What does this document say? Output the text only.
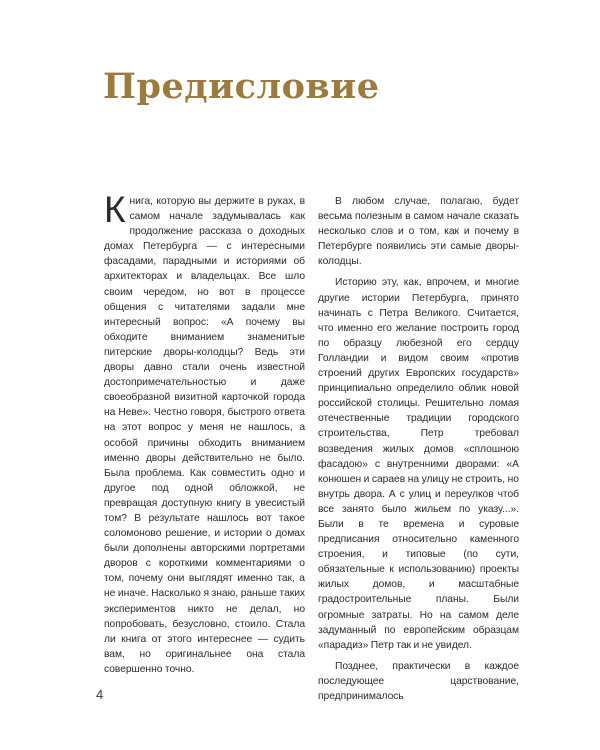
Предисловие

Книга, которую вы держите в руках, в самом начале задумывалась как продолжение рассказа о доходных домах Петербурга — с интересными фасадами, парадными и историями об архитекторах и владельцах. Все шло своим чередом, но вот в процессе общения с читателями задали мне интересный вопрос: «А почему вы обходите вниманием знаменитые питерские дворы-колодцы? Ведь эти дворы давно стали очень известной достопримечательностью и даже своеобразной визитной карточкой города на Неве». Честно говоря, быстрого ответа на этот вопрос у меня не нашлось, а особой причины обходить вниманием именно дворы действительно не было. Была проблема. Как совместить одно и другое под одной обложкой, не превращая доступную книгу в увесистый том? В результате нашлось вот такое соломоново решение, и истории о домах были дополнены авторскими портретами дворов с короткими комментариями о том, почему они выглядят именно так, а не иначе. Насколько я знаю, раньше таких экспериментов никто не делал, но попробовать, безусловно, стоило. Стала ли книга от этого интереснее — судить вам, но оригинальнее она стала совершенно точно.

В любом случае, полагаю, будет весьма полезным в самом начале сказать несколько слов и о том, как и почему в Петербурге появились эти самые дворы-колодцы.

Историю эту, как, впрочем, и многие другие истории Петербурга, принято начинать с Петра Великого. Считается, что именно его желание построить город по образцу любезной его сердцу Голландии и видом своим «против строений других Европских государств» принципиально определило облик новой российской столицы. Решительно ломая отечественные традиции городского строительства, Петр требовал возведения жилых домов «сплошною фасадою» с внутренними дворами: «А конюшен и сараев на улицу не строить, но внутрь двора. А с улиц и переулков чтоб все занято было жильем по указу...». Были в те времена и суровые предписания относительно каменного строения, и типовые (по сути, обязательные к использованию) проекты жилых домов, и масштабные градостроительные планы. Были огромные затраты. Но на самом деле задуманный по европейским образцам «парадиз» Петр так и не увидел.

Позднее, практически в каждое последующее царствование, предпринималось

4
